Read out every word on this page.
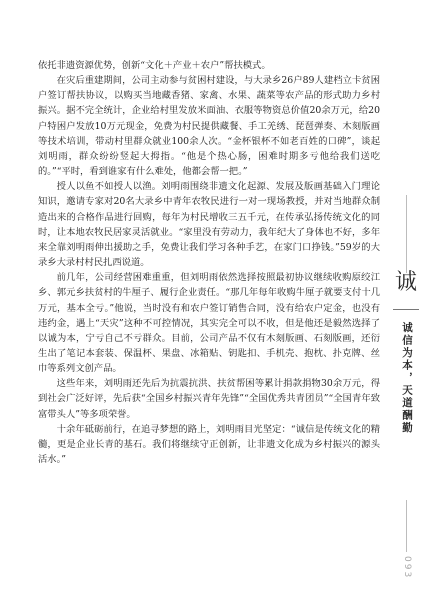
依托非遗资源优势，创新“文化＋产业＋农户”帮扶模式。

在灾后重建期间，公司主动参与贫困村建设，与大录乡26户89人建档立卡贫困户签订帮扶协议，以购买当地藏香猪、家禽、水果、蔬菜等农产品的形式助力乡村振兴。据不完全统计，企业给村里发放米面油、衣服等物资总价值20余万元，给20户特困户发放10万元现金，免费为村民提供藏餐、手工羌绣、琵琶弹奏、木刻版画等技术培训，带动村里群众就业100余人次。“金杯银杯不如老百姓的口碑”，谈起刘明雨，群众纷纷竖起大拇指。“他是个热心肠，困难时期多亏他给我们送吃的。”“平时，看到谁家有什么难处，他都会帮一把。”

授人以鱼不如授人以渔。刘明雨围绕非遗文化起源、发展及版画基础入门理论知识，邀请专家对20名大录乡中青年农牧民进行一对一现场教授，并对当地群众制造出来的合格作品进行回购，每年为村民增收三五千元，在传承弘扬传统文化的同时，让本地农牧民居家灵活就业。“家里没有劳动力，我年纪大了身体也不好，多年来全靠刘明雨伸出援助之手，免费让我们学习各种手艺，在家门口挣钱。”59岁的大录乡大录村村民扎西说道。

前几年，公司经营困难重重，但刘明雨依然选择按照最初协议继续收购原绞江乡、郭元乡扶贫村的牛厘子、履行企业责任。“那几年每年收购牛厘子就要支付十几万元，基本全亏。”他说，当时没有和农户签订销售合同，没有给农户定金，也没有违约金，遇上“天灾”这种不可控情况，其实完全可以不收，但是他还是毅然选择了以诚为本，宁亏自己不亏群众。目前，公司产品不仅有木刻版画、石刻版画，还衍生出了笔记本套装、保温杯、果盘、冰箱贴、钥匙扣、手机壳、抱枕、扑克牌、丝巾等系列文创产品。

这些年来，刘明雨还先后为抗震抗洪、扶贫帮困等累计捐款捐物30余万元，得到社会广泛好评，先后获“全国乡村振兴青年先锋”“全国优秀共青团员”“全国青年致富带头人”等多项荣誉。

十余年砥砺前行，在追寻梦想的路上，刘明雨目光坚定：“诚信是传统文化的精髓，更是企业长青的基石。我们将继续守正创新，让非遗文化成为乡村振兴的源头活水。”

诚
诚信为本，天道酬勤
093
